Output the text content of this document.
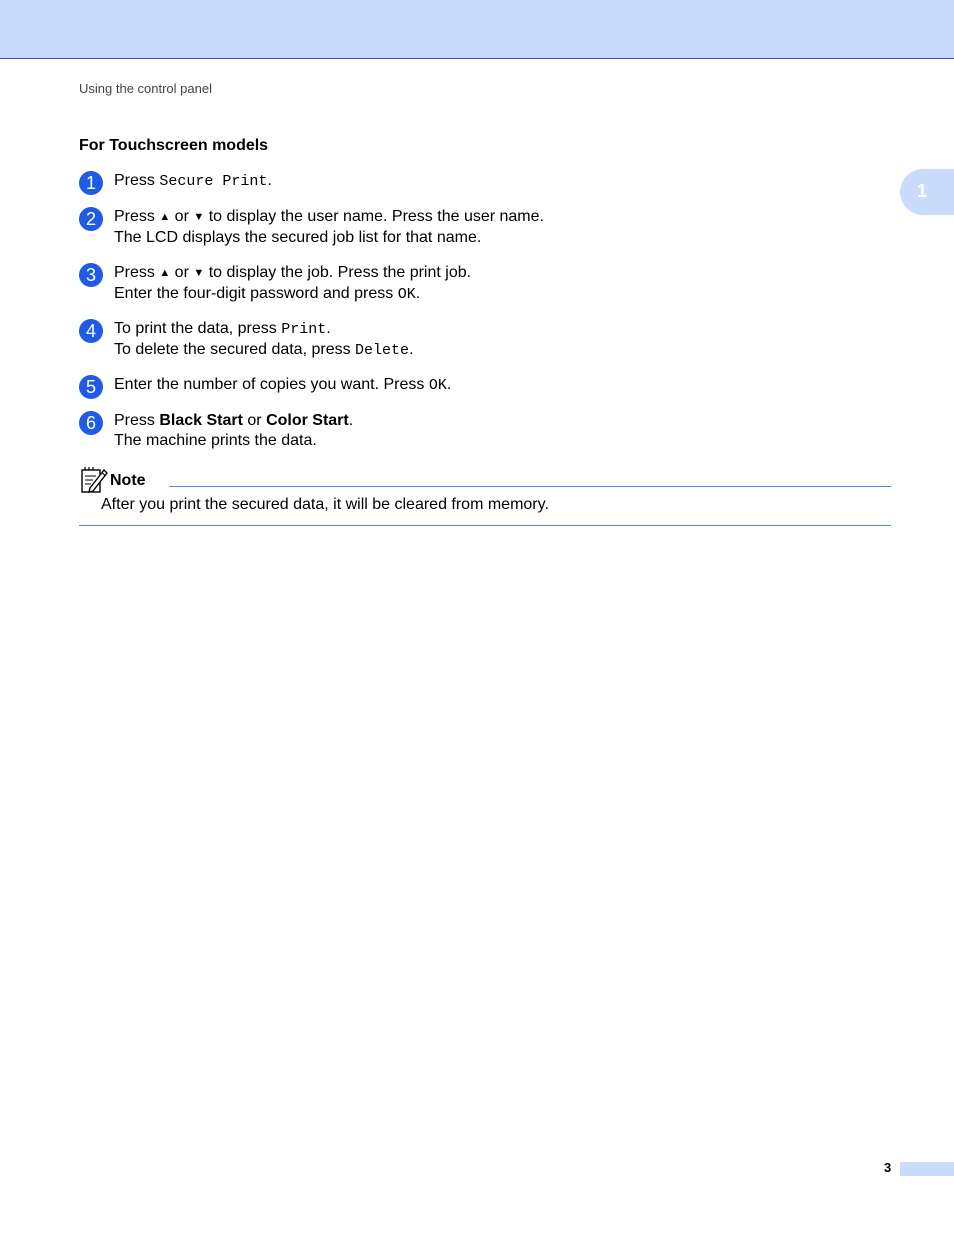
Using the control panel
1
For Touchscreen models
1	Press Secure Print.
2	Press ▲ or ▼ to display the user name. Press the user name.
The LCD displays the secured job list for that name.
3	Press ▲ or ▼ to display the job. Press the print job.
Enter the four-digit password and press OK.
4	To print the data, press Print.
To delete the secured data, press Delete.
5	Enter the number of copies you want. Press OK.
6	Press Black Start or Color Start.
The machine prints the data.
Note
After you print the secured data, it will be cleared from memory.
3
